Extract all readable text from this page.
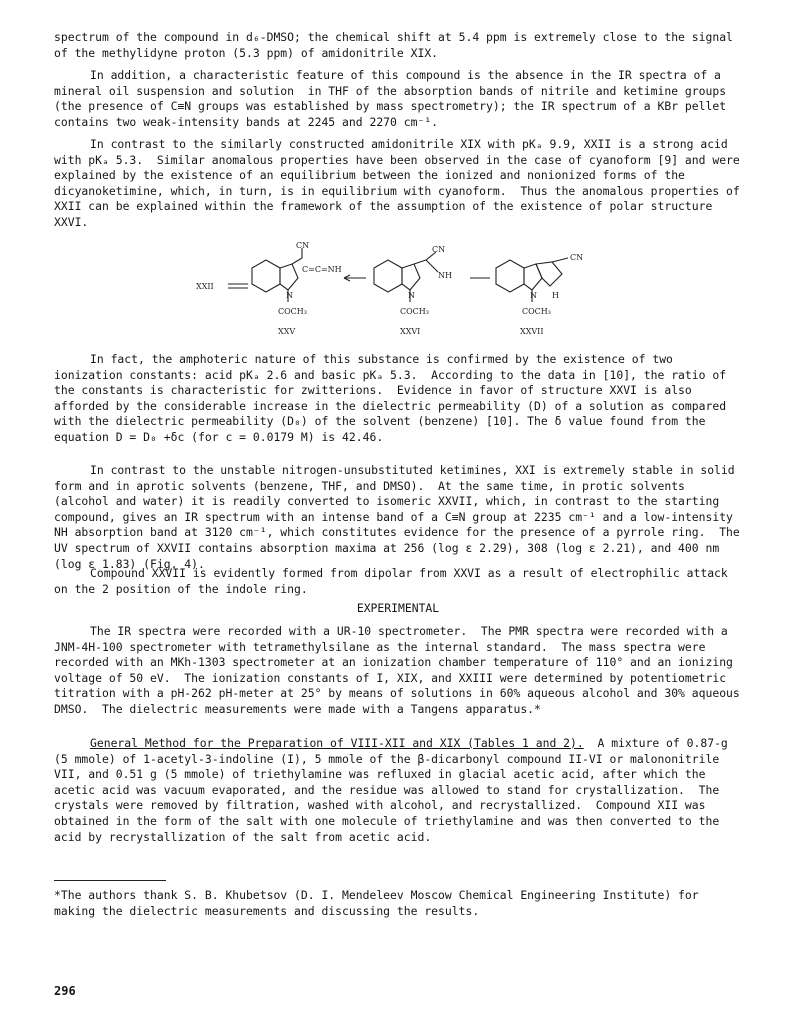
spectrum of the compound in d₆-DMSO; the chemical shift at 5.4 ppm is extremely close to the signal of the methylidyne proton (5.3 ppm) of amidonitrile XIX.

In addition, a characteristic feature of this compound is the absence in the IR spectra of a mineral oil suspension and solution  in THF of the absorption bands of nitrile and ketimine groups (the presence of C≡N groups was established by mass spectrometry); the IR spectrum of a KBr pellet contains two weak-intensity bands at 2245 and 2270 cm⁻¹.

In contrast to the similarly constructed amidonitrile XIX with pKₐ 9.9, XXII is a strong acid with pKₐ 5.3.  Similar anomalous properties have been observed in the case of cyanoform [9] and were explained by the existence of an equilibrium between the ionized and nonionized forms of the dicyanoketimine, which, in turn, is in equilibrium with cyanoform.  Thus the anomalous properties of XXII can be explained within the framework of the assumption of the existence of polar structure XXVI.

XXII
CN
C=C=NH
N
COCH₃
XXV
CN
NH
N
COCH₃
XXVI
CN
N H
COCH₃
XXVII

In fact, the amphoteric nature of this substance is confirmed by the existence of two ionization constants: acid pKₐ 2.6 and basic pKₐ 5.3.  According to the data in [10], the ratio of the constants is characteristic for zwitterions.  Evidence in favor of structure XXVI is also afforded by the considerable increase in the dielectric permeability (D) of a solution as compared with the dielectric permeability (D₀) of the solvent (benzene) [10]. The δ value found from the equation D = D₀ +δc (for c = 0.0179 M) is 42.46.

In contrast to the unstable nitrogen-unsubstituted ketimines, XXI is extremely stable in solid form and in aprotic solvents (benzene, THF, and DMSO).  At the same time, in protic solvents (alcohol and water) it is readily converted to isomeric XXVII, which, in contrast to the starting compound, gives an IR spectrum with an intense band of a C≡N group at 2235 cm⁻¹ and a low-intensity NH absorption band at 3120 cm⁻¹, which constitutes evidence for the presence of a pyrrole ring.  The UV spectrum of XXVII contains absorption maxima at 256 (log ε 2.29), 308 (log ε 2.21), and 400 nm (log ε 1.83) (Fig. 4).

Compound XXVII is evidently formed from dipolar from XXVI as a result of electrophilic attack on the 2 position of the indole ring.

EXPERIMENTAL

The IR spectra were recorded with a UR-10 spectrometer.  The PMR spectra were recorded with a JNM-4H-100 spectrometer with tetramethylsilane as the internal standard.  The mass spectra were recorded with an MKh-1303 spectrometer at an ionization chamber temperature of 110° and an ionizing voltage of 50 eV.  The ionization constants of I, XIX, and XXIII were determined by potentiometric titration with a pH-262 pH-meter at 25° by means of solutions in 60% aqueous alcohol and 30% aqueous DMSO.  The dielectric measurements were made with a Tangens apparatus.*

General Method for the Preparation of VIII-XII and XIX (Tables 1 and 2).  A mixture of 0.87-g (5 mmole) of 1-acetyl-3-indoline (I), 5 mmole of the β-dicarbonyl compound II-VI or malononitrile VII, and 0.51 g (5 mmole) of triethylamine was refluxed in glacial acetic acid, after which the acetic acid was vacuum evaporated, and the residue was allowed to stand for crystallization.  The crystals were removed by filtration, washed with alcohol, and recrystallized.  Compound XII was obtained in the form of the salt with one molecule of triethylamine and was then converted to the acid by recrystallization of the salt from acetic acid.

*The authors thank S. B. Khubetsov (D. I. Mendeleev Moscow Chemical Engineering Institute) for making the dielectric measurements and discussing the results.

296
